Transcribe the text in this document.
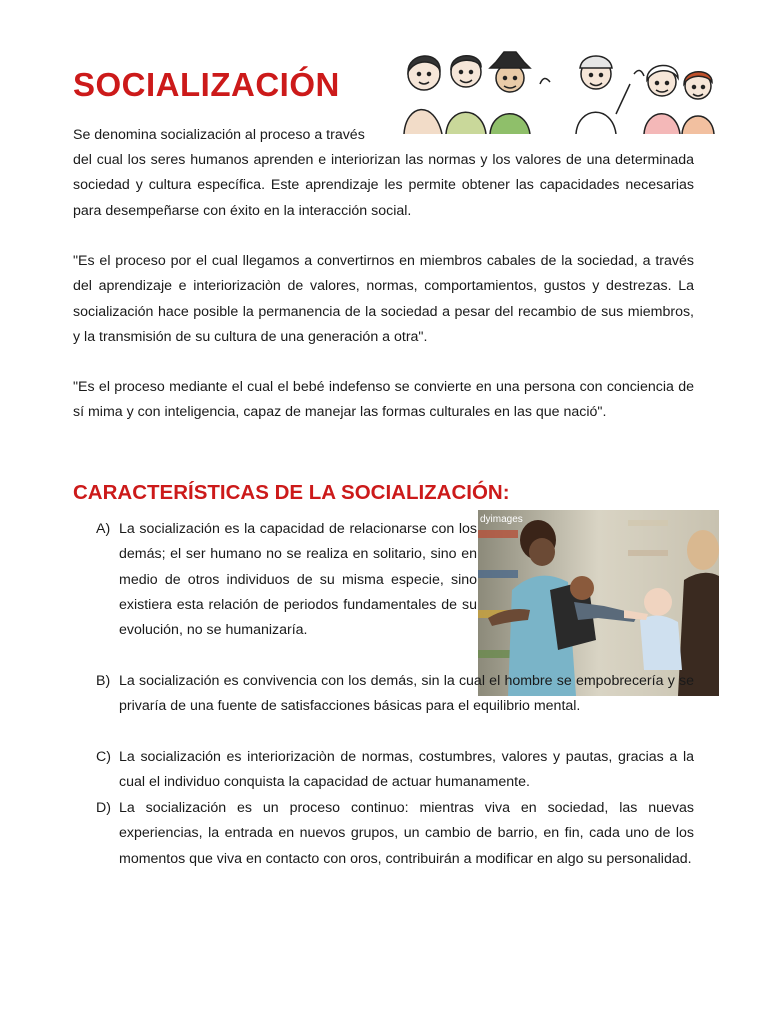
SOCIALIZACIÓN

Se denomina socialización al proceso a través

del cual los seres humanos aprenden e interiorizan las normas y los valores de una determinada sociedad y cultura específica. Este aprendizaje les permite obtener las capacidades necesarias para desempeñarse con éxito en la interacción social.

"Es el proceso por el cual llegamos a convertirnos en miembros cabales de la sociedad, a través del aprendizaje e interiorizaciòn de valores, normas, comportamientos, gustos y destrezas. La socialización hace posible la permanencia de la sociedad a pesar del recambio de sus miembros, y la transmisión de su cultura de una generación a otra".

"Es el proceso mediante el cual el bebé indefenso se convierte en una persona con conciencia de sí mima y con inteligencia, capaz de manejar las formas culturales en las que nació".

CARACTERÍSTICAS DE LA SOCIALIZACIÓN:
dyimages
A) La socialización es la capacidad de relacionarse con los demás; el ser humano no se realiza en solitario, sino en medio de otros individuos de su misma especie, sino existiera esta relación de periodos fundamentales de su evolución, no se humanizaría.

B) La socialización es convivencia con los demás, sin la cual el hombre se empobrecería y se privaría de una fuente de satisfacciones básicas para el equilibrio mental.

C) La socialización es interiorizaciòn de normas, costumbres, valores y pautas, gracias a la cual el individuo conquista la capacidad de actuar humanamente.

D) La socialización es un proceso continuo: mientras viva en sociedad, las nuevas experiencias, la entrada en nuevos grupos, un cambio de barrio, en fin, cada uno de los momentos que viva en contacto con oros, contribuirán a modificar en algo su personalidad.
